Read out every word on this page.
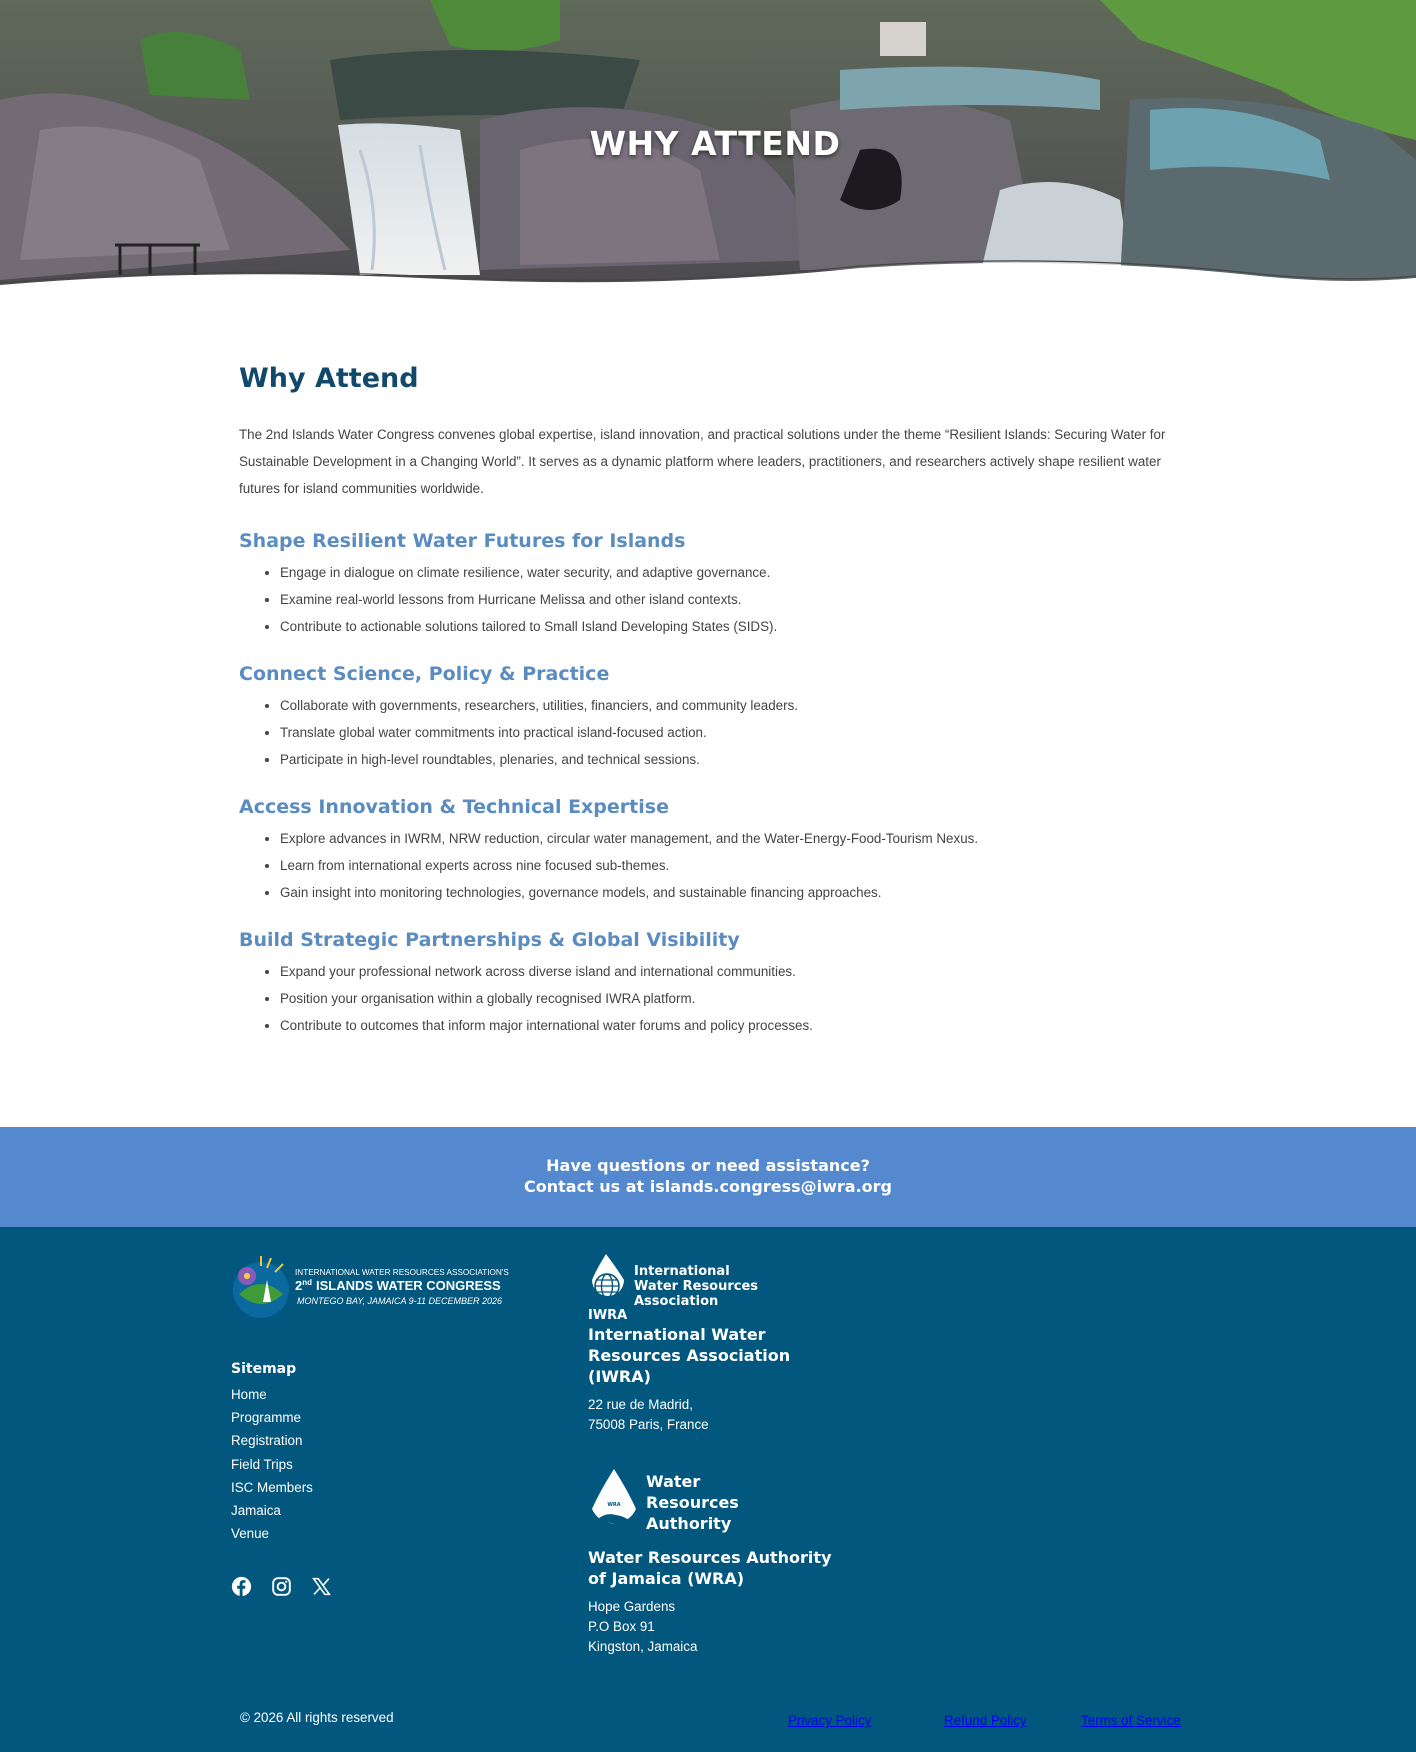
WHY ATTEND
Why Attend

The 2nd Islands Water Congress convenes global expertise, island innovation, and practical solutions under the theme “Resilient Islands: Securing Water for Sustainable Development in a Changing World”. It serves as a dynamic platform where leaders, practitioners, and researchers actively shape resilient water futures for island communities worldwide.

Shape Resilient Water Futures for Islands
• Engage in dialogue on climate resilience, water security, and adaptive governance.
• Examine real-world lessons from Hurricane Melissa and other island contexts.
• Contribute to actionable solutions tailored to Small Island Developing States (SIDS).
Connect Science, Policy & Practice
• Collaborate with governments, researchers, utilities, financiers, and community leaders.
• Translate global water commitments into practical island-focused action.
• Participate in high-level roundtables, plenaries, and technical sessions.
Access Innovation & Technical Expertise
• Explore advances in IWRM, NRW reduction, circular water management, and the Water-Energy-Food-Tourism Nexus.
• Learn from international experts across nine focused sub-themes.
• Gain insight into monitoring technologies, governance models, and sustainable financing approaches.
Build Strategic Partnerships & Global Visibility
• Expand your professional network across diverse island and international communities.
• Position your organisation within a globally recognised IWRA platform.
• Contribute to outcomes that inform major international water forums and policy processes.
Have questions or need assistance?
Contact us at islands.congress@iwra.org
INTERNATIONAL WATER RESOURCES ASSOCIATION'S
2nd ISLANDS WATER CONGRESS
MONTEGO BAY, JAMAICA 9-11 DECEMBER 2026
Sitemap
Home
Programme
Registration
Field Trips
ISC Members
Jamaica
Venue
IWRA
International
Water Resources
Association
International Water Resources Association (IWRA)
22 rue de Madrid,
75008 Paris, France
WRA
Water
Resources
Authority
Water Resources Authority of Jamaica (WRA)
Hope Gardens
P.O Box 91
Kingston, Jamaica
© 2026 All rights reserved	Privacy Policy	Refund Policy	Terms of Service
